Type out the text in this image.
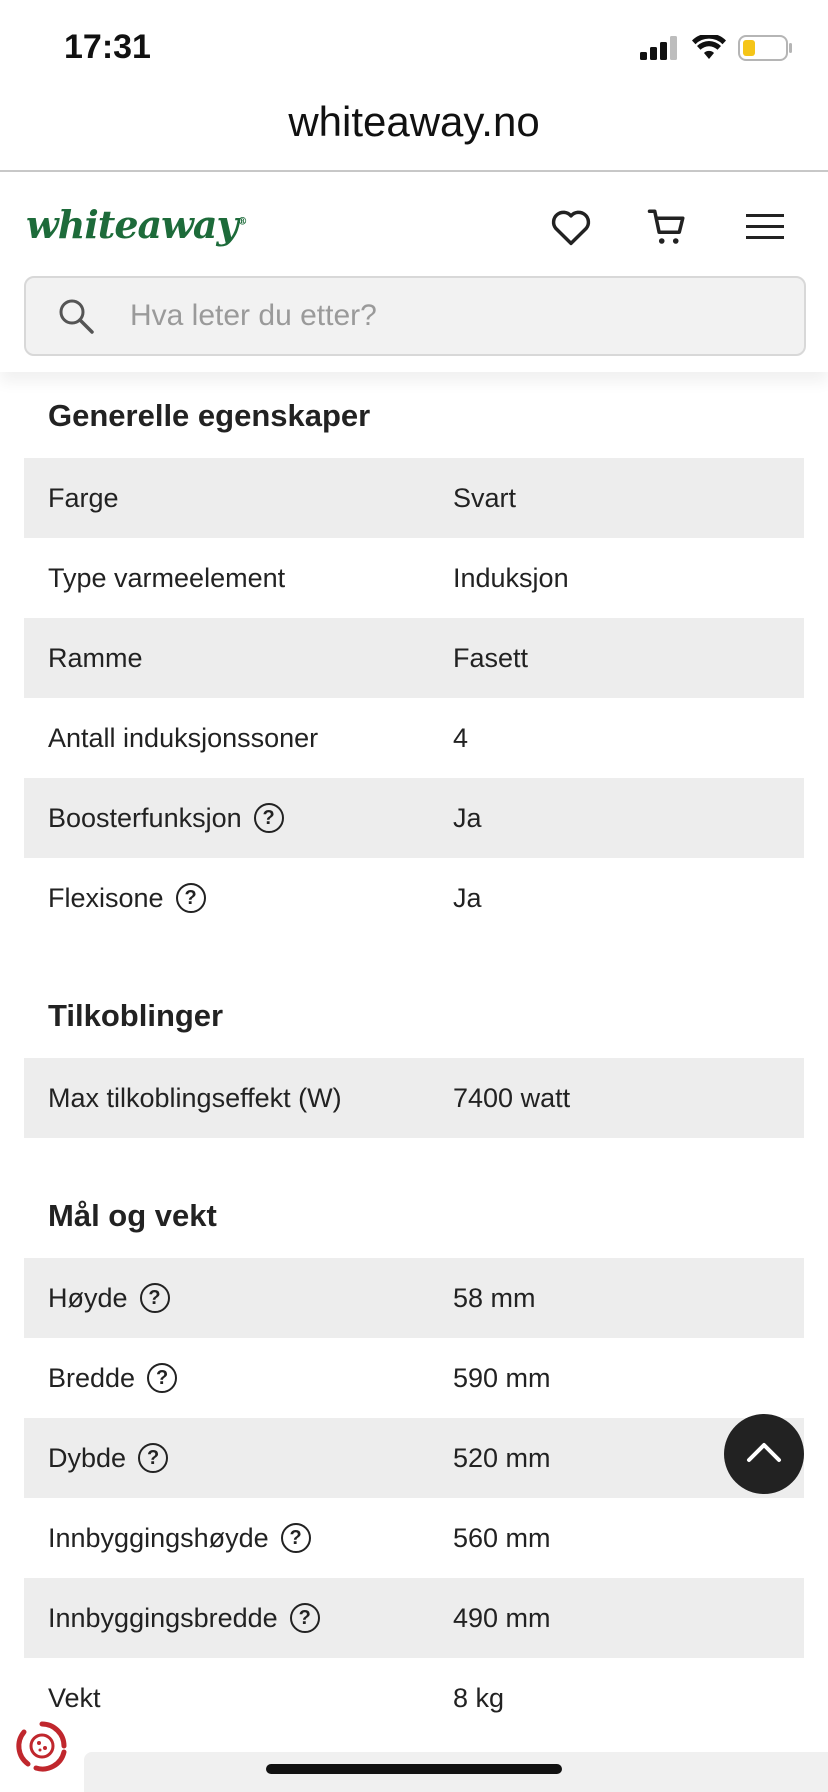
17:31
whiteaway.no
whiteaway®
Hva leter du etter?
Generelle egenskaper
Farge	Svart
Type varmeelement	Induksjon
Ramme	Fasett
Antall induksjonssoner	4
Boosterfunksjon	?	Ja
Flexisone	?	Ja
Tilkoblinger
Max tilkoblingseffekt (W)	7400 watt
Mål og vekt
Høyde	?	58 mm
Bredde	?	590 mm
Dybde	?	520 mm
Innbyggingshøyde	?	560 mm
Innbyggingsbredde	?	490 mm
Vekt	8 kg
